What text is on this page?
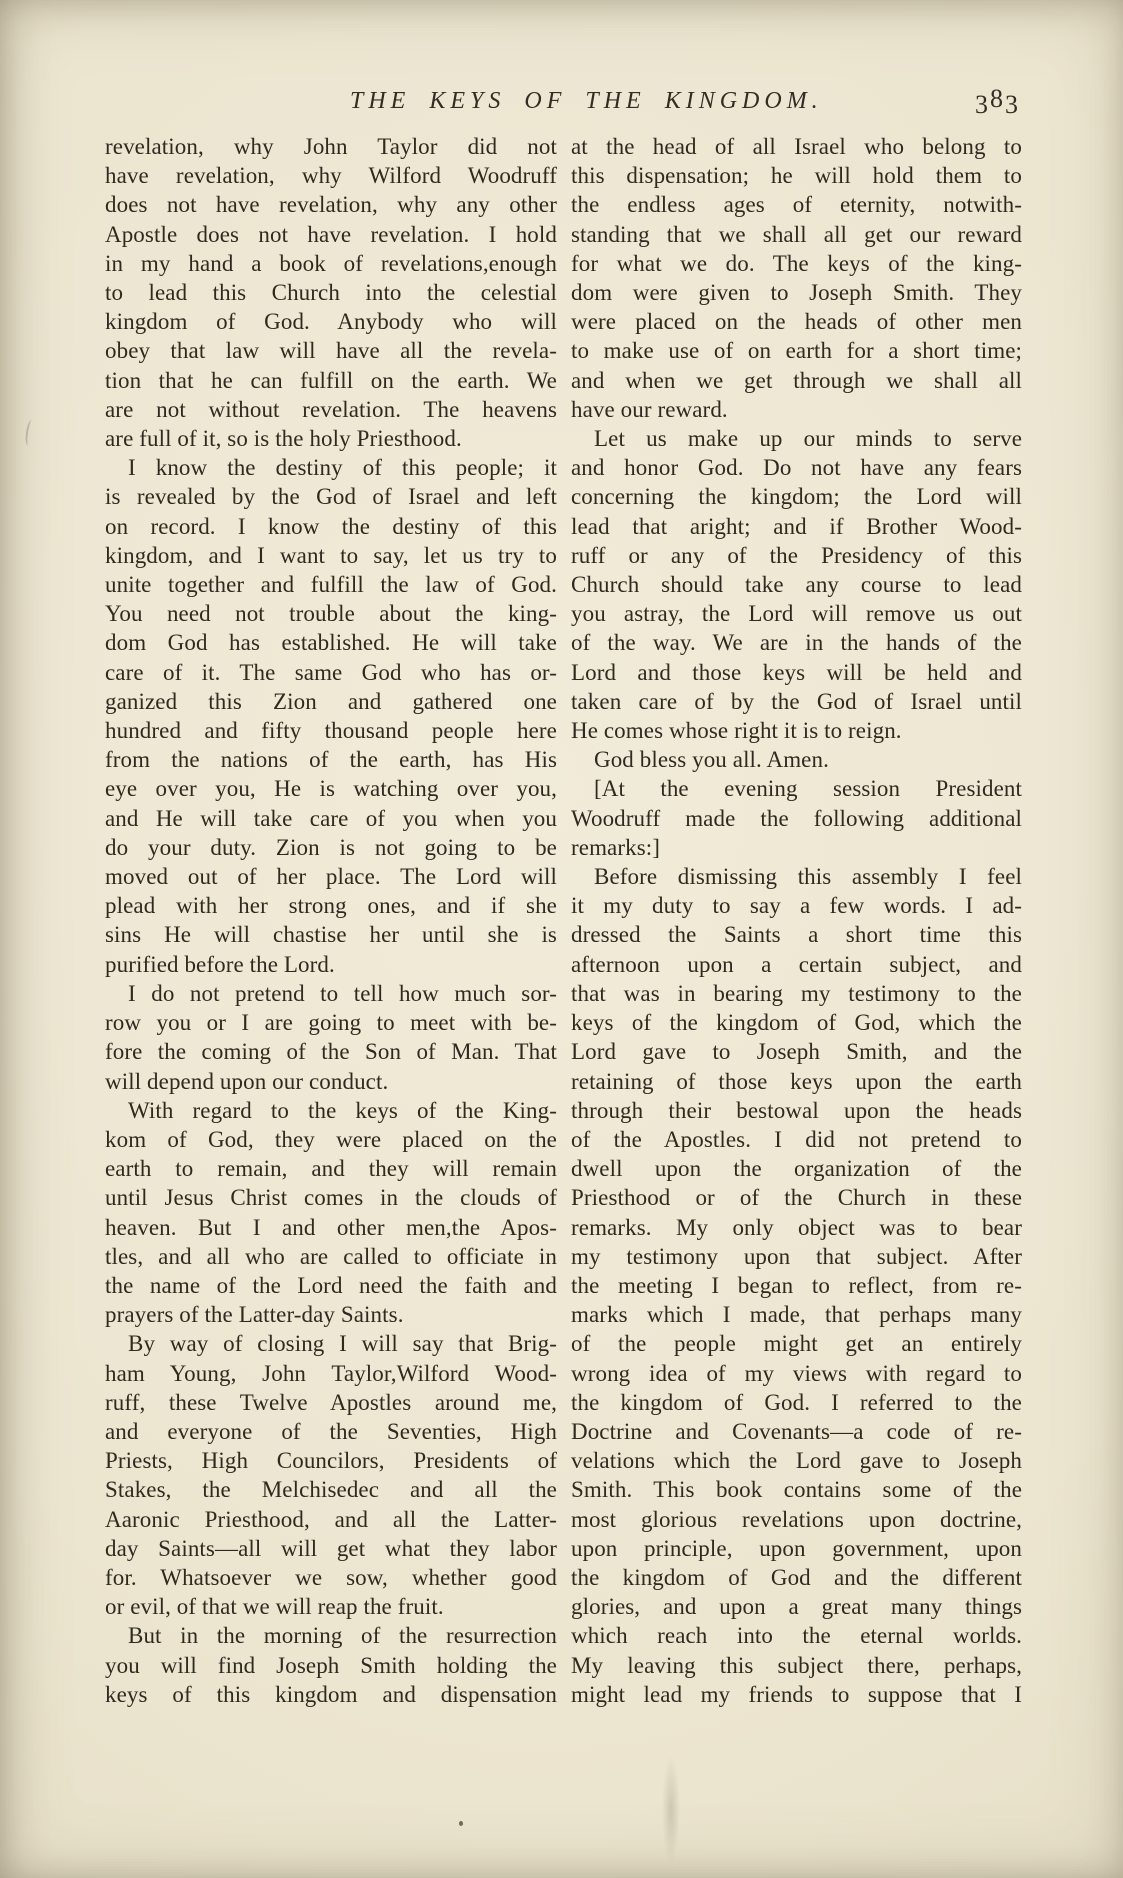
THE KEYS OF THE KINGDOM.	383
revelation, why John Taylor did not
have revelation, why Wilford Woodruff
does not have revelation, why any other
Apostle does not have revelation. I hold
in my hand a book of revelations,enough
to lead this Church into the celestial
kingdom of God. Anybody who will
obey that law will have all the revela-
tion that he can fulfill on the earth. We
are not without revelation. The heavens
are full of it, so is the holy Priesthood.
I know the destiny of this people; it
is revealed by the God of Israel and left
on record. I know the destiny of this
kingdom, and I want to say, let us try to
unite together and fulfill the law of God.
You need not trouble about the king-
dom God has established. He will take
care of it. The same God who has or-
ganized this Zion and gathered one
hundred and fifty thousand people here
from the nations of the earth, has His
eye over you, He is watching over you,
and He will take care of you when you
do your duty. Zion is not going to be
moved out of her place. The Lord will
plead with her strong ones, and if she
sins He will chastise her until she is
purified before the Lord.
I do not pretend to tell how much sor-
row you or I are going to meet with be-
fore the coming of the Son of Man. That
will depend upon our conduct.
With regard to the keys of the King-
kom of God, they were placed on the
earth to remain, and they will remain
until Jesus Christ comes in the clouds of
heaven. But I and other men,the Apos-
tles, and all who are called to officiate in
the name of the Lord need the faith and
prayers of the Latter-day Saints.
By way of closing I will say that Brig-
ham Young, John Taylor,Wilford Wood-
ruff, these Twelve Apostles around me,
and everyone of the Seventies, High
Priests, High Councilors, Presidents of
Stakes, the Melchisedec and all the
Aaronic Priesthood, and all the Latter-
day Saints—all will get what they labor
for. Whatsoever we sow, whether good
or evil, of that we will reap the fruit.
But in the morning of the resurrection
you will find Joseph Smith holding the
keys of this kingdom and dispensation
at the head of all Israel who belong to
this dispensation; he will hold them to
the endless ages of eternity, notwith-
standing that we shall all get our reward
for what we do. The keys of the king-
dom were given to Joseph Smith. They
were placed on the heads of other men
to make use of on earth for a short time;
and when we get through we shall all
have our reward.
Let us make up our minds to serve
and honor God. Do not have any fears
concerning the kingdom; the Lord will
lead that aright; and if Brother Wood-
ruff or any of the Presidency of this
Church should take any course to lead
you astray, the Lord will remove us out
of the way. We are in the hands of the
Lord and those keys will be held and
taken care of by the God of Israel until
He comes whose right it is to reign.
God bless you all. Amen.
[At the evening session President
Woodruff made the following additional
remarks:]
Before dismissing this assembly I feel
it my duty to say a few words. I ad-
dressed the Saints a short time this
afternoon upon a certain subject, and
that was in bearing my testimony to the
keys of the kingdom of God, which the
Lord gave to Joseph Smith, and the
retaining of those keys upon the earth
through their bestowal upon the heads
of the Apostles. I did not pretend to
dwell upon the organization of the
Priesthood or of the Church in these
remarks. My only object was to bear
my testimony upon that subject. After
the meeting I began to reflect, from re-
marks which I made, that perhaps many
of the people might get an entirely
wrong idea of my views with regard to
the kingdom of God. I referred to the
Doctrine and Covenants—a code of re-
velations which the Lord gave to Joseph
Smith. This book contains some of the
most glorious revelations upon doctrine,
upon principle, upon government, upon
the kingdom of God and the different
glories, and upon a great many things
which reach into the eternal worlds.
My leaving this subject there, perhaps,
might lead my friends to suppose that I
